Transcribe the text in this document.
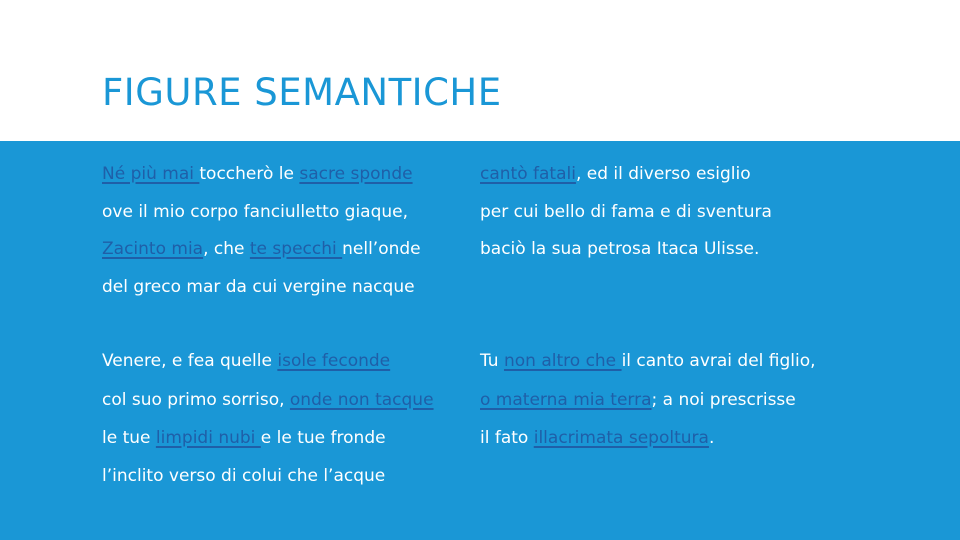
FIGURE SEMANTICHE
Né più mai toccherò le sacre sponde
ove il mio corpo fanciulletto giaque,
Zacinto mia, che te specchi nell’onde
del greco mar da cui vergine nacque
Venere, e fea quelle isole feconde
col suo primo sorriso, onde non tacque
le tue limpidi nubi e le tue fronde
l’inclito verso di colui che l’acque
cantò fatali, ed il diverso esiglio
per cui bello di fama e di sventura
baciò la sua petrosa Itaca Ulisse.
Tu non altro che il canto avrai del figlio,
o materna mia terra; a noi prescrisse
il fato illacrimata sepoltura.
